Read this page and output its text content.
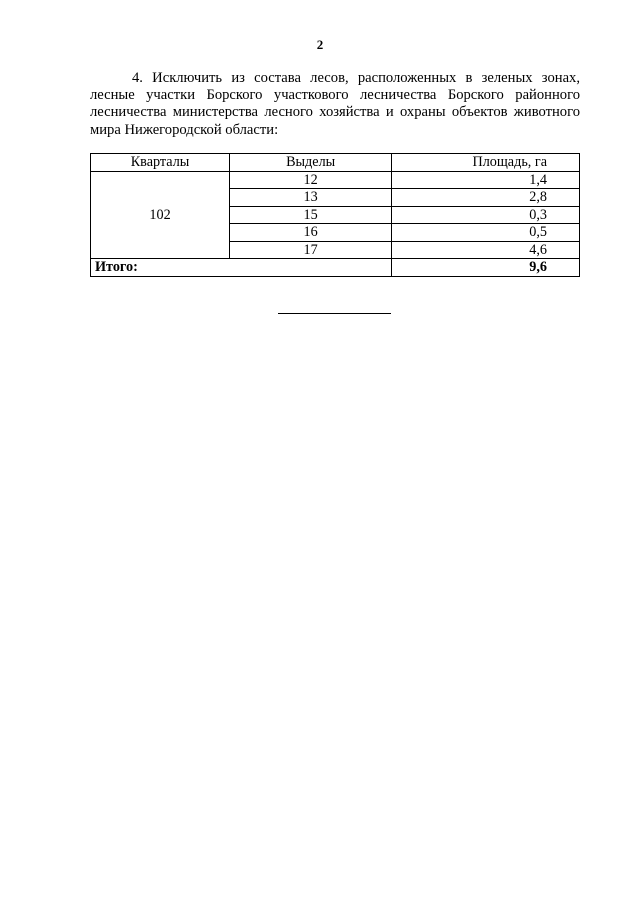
2

4. Исключить из состава лесов, расположенных в зеленых зонах, лесные участки Борского участкового лесничества Борского районного лесничества министерства лесного хозяйства и охраны объектов животного мира Нижегородской области:

Кварталы	Выделы	Площадь, га
102	12	1,4
	13	2,8
	15	0,3
	16	0,5
	17	4,6
Итого:		9,6
